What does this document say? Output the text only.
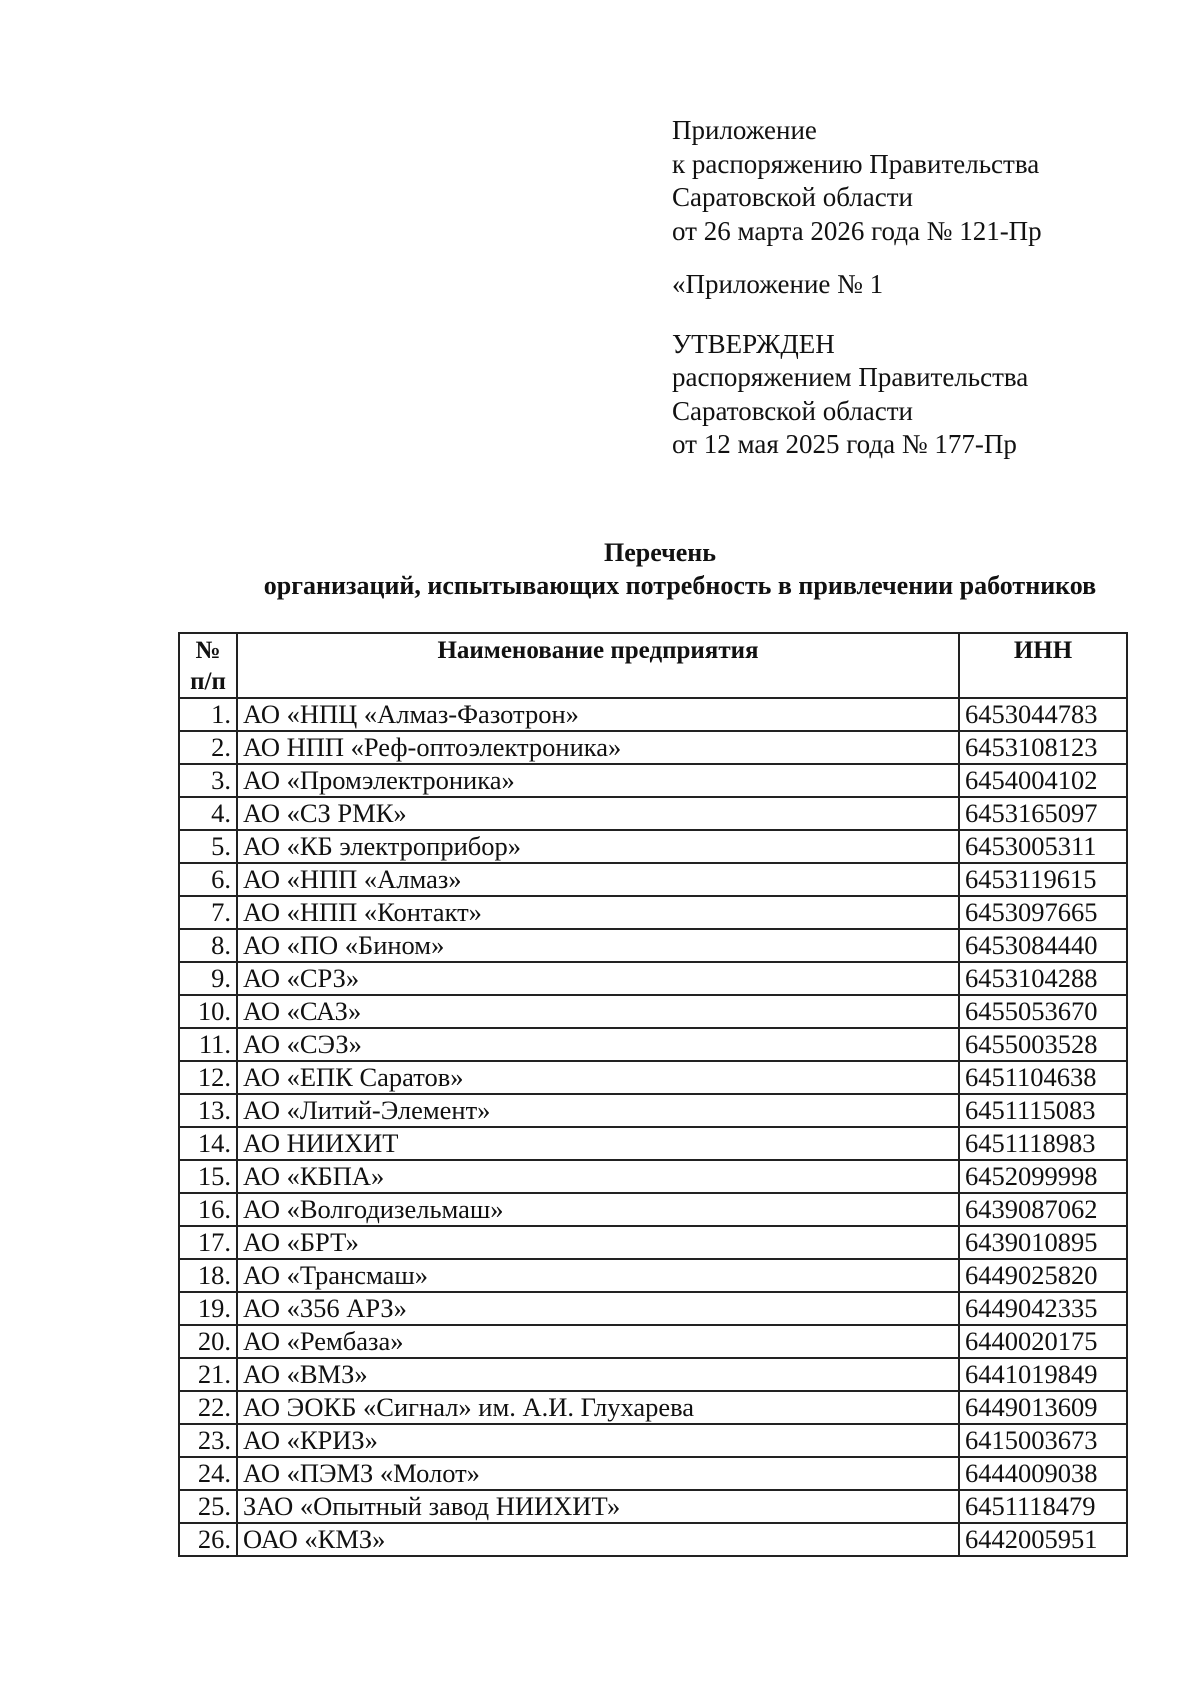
Приложение
к распоряжению Правительства
Саратовской области
от 26 марта 2026 года № 121-Пр
«Приложение № 1
УТВЕРЖДЕН
распоряжением Правительства
Саратовской области
от 12 мая 2025 года № 177-Пр
Перечень
организаций, испытывающих потребность в привлечении работников
№
п/п	Наименование предприятия	ИНН
1.	АО «НПЦ «Алмаз-Фазотрон»	6453044783
2.	АО НПП «Реф-оптоэлектроника»	6453108123
3.	АО «Промэлектроника»	6454004102
4.	АО «СЗ РМК»	6453165097
5.	АО «КБ электроприбор»	6453005311
6.	АО «НПП «Алмаз»	6453119615
7.	АО «НПП «Контакт»	6453097665
8.	АО «ПО «Бином»	6453084440
9.	АО «СРЗ»	6453104288
10.	АО «САЗ»	6455053670
11.	АО «СЭЗ»	6455003528
12.	АО «ЕПК Саратов»	6451104638
13.	АО «Литий-Элемент»	6451115083
14.	АО НИИХИТ	6451118983
15.	АО «КБПА»	6452099998
16.	АО «Волгодизельмаш»	6439087062
17.	АО «БРТ»	6439010895
18.	АО «Трансмаш»	6449025820
19.	АО «356 АРЗ»	6449042335
20.	АО «Рембаза»	6440020175
21.	АО «ВМЗ»	6441019849
22.	АО ЭОКБ «Сигнал» им. А.И. Глухарева	6449013609
23.	АО «КРИЗ»	6415003673
24.	АО «ПЭМЗ «Молот»	6444009038
25.	ЗАО «Опытный завод НИИХИТ»	6451118479
26.	ОАО «КМЗ»	6442005951
